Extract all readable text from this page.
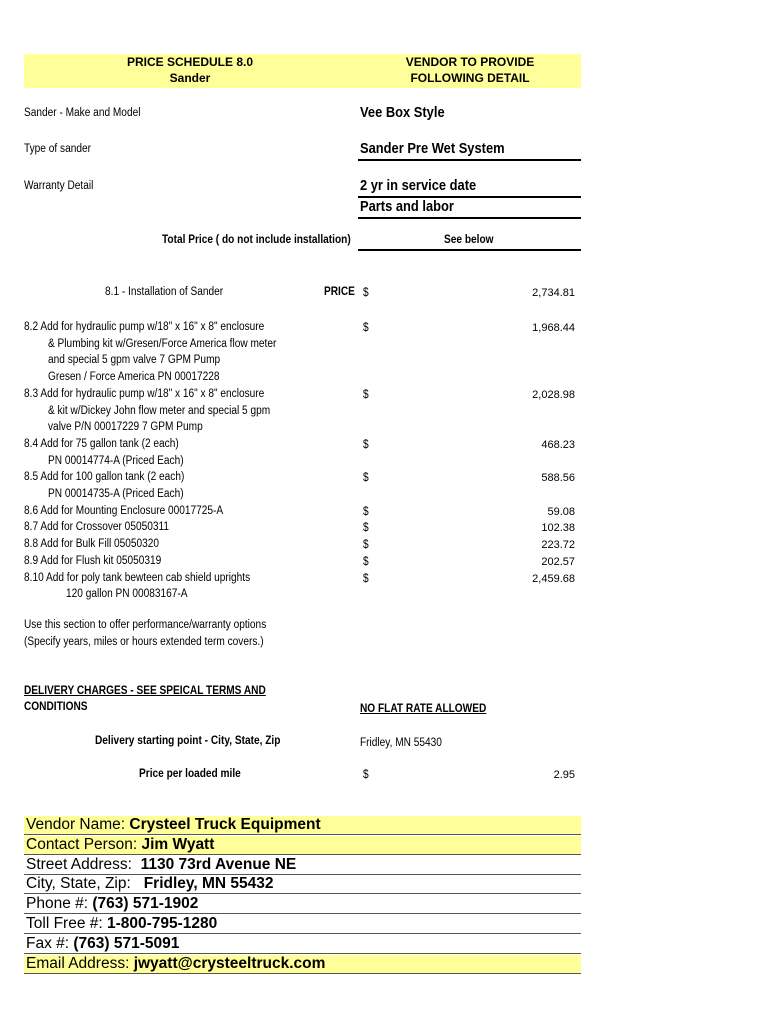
PRICE SCHEDULE 8.0
Sander
VENDOR TO PROVIDE
FOLLOWING DETAIL
Sander - Make and Model	Vee Box Style
Type of sander	Sander Pre Wet System
Warranty Detail	2 yr in service date
Parts and labor
Total Price ( do not include installation)	See below
8.1 - Installation of Sander	PRICE $	2,734.81
8.2 Add for hydraulic pump w/18" x 16" x 8" enclosure
& Plumbing kit w/Gresen/Force America flow meter
and special 5 gpm valve 7 GPM Pump
Gresen / Force America PN 00017228
$	1,968.44
8.3 Add for hydraulic pump w/18" x 16" x 8" enclosure
& kit w/Dickey John flow meter and special 5 gpm
valve P/N 00017229 7 GPM Pump
$	2,028.98
8.4 Add for 75 gallon tank (2 each)
PN 00014774-A (Priced Each)
$	468.23
8.5 Add for 100 gallon tank (2 each)
PN 00014735-A (Priced Each)
$	588.56
8.6 Add for Mounting Enclosure 00017725-A	$	59.08
8.7 Add for Crossover 05050311	$	102.38
8.8 Add for Bulk Fill 05050320	$	223.72
8.9 Add for Flush kit 05050319	$	202.57
8.10 Add for poly tank bewteen cab shield uprights
120 gallon PN 00083167-A
$	2,459.68
Use this section to offer performance/warranty options
(Specify years, miles or hours extended term covers.)
DELIVERY CHARGES - SEE SPEICAL TERMS AND
CONDITIONS	NO FLAT RATE ALLOWED
Delivery starting point - City, State, Zip	Fridley, MN 55430
Price per loaded mile	$	2.95
Vendor Name: Crysteel Truck Equipment
Contact Person: Jim Wyatt
Street Address:  1130 73rd Avenue NE
City, State, Zip:   Fridley, MN 55432
Phone #: (763) 571-1902
Toll Free #: 1-800-795-1280
Fax #: (763) 571-5091
Email Address: jwyatt@crysteeltruck.com
